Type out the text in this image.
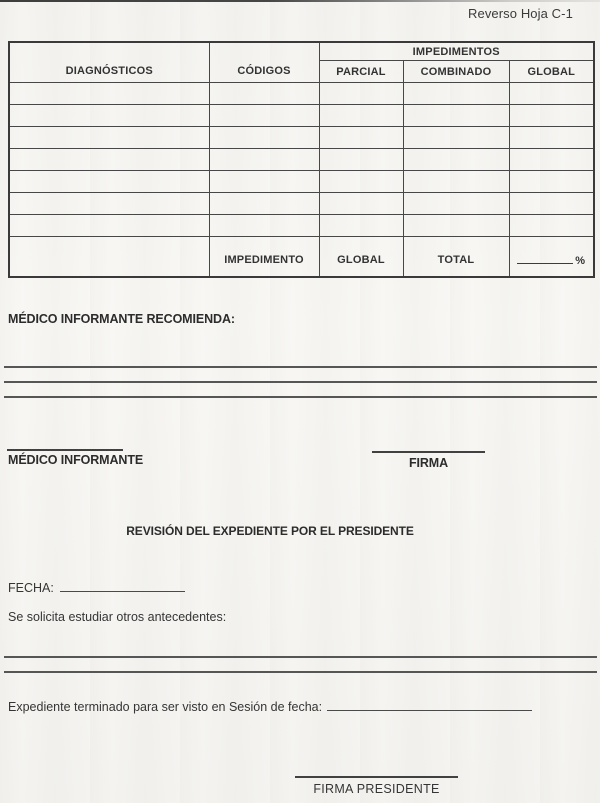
Reverso Hoja C-1
DIAGNÓSTICOS	CÓDIGOS	IMPEDIMENTOS		
		PARCIAL	COMBINADO	GLOBAL

	IMPEDIMENTO	GLOBAL	TOTAL	%
MÉDICO INFORMANTE RECOMIENDA:
MÉDICO INFORMANTE	FIRMA
REVISIÓN DEL EXPEDIENTE POR EL PRESIDENTE
FECHA:
Se solicita estudiar otros antecedentes:
Expediente terminado para ser visto en Sesión de fecha:
FIRMA PRESIDENTE
